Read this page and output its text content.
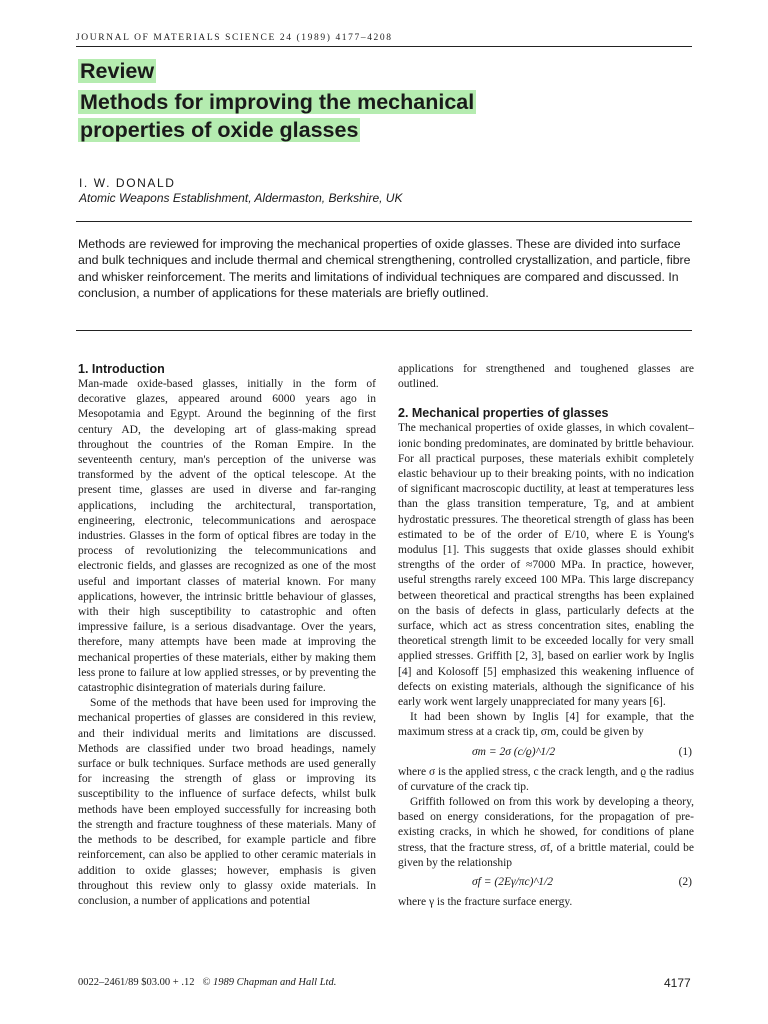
JOURNAL OF MATERIALS SCIENCE 24 (1989) 4177–4208
Review
Methods for improving the mechanical
properties of oxide glasses
I. W. DONALD
Atomic Weapons Establishment, Aldermaston, Berkshire, UK
Methods are reviewed for improving the mechanical properties of oxide glasses. These are divided into surface and bulk techniques and include thermal and chemical strengthening, controlled crystallization, and particle, fibre and whisker reinforcement. The merits and limitations of individual techniques are compared and discussed. In conclusion, a number of applications for these materials are briefly outlined.
1. Introduction

Man-made oxide-based glasses, initially in the form of decorative glazes, appeared around 6000 years ago in Mesopotamia and Egypt. Around the beginning of the first century AD, the developing art of glass-making spread throughout the countries of the Roman Empire. In the seventeenth century, man's perception of the universe was transformed by the advent of the optical telescope. At the present time, glasses are used in diverse and far-ranging applications, including the architectural, transportation, engineering, electronic, telecommunications and aerospace industries. Glasses in the form of optical fibres are today in the process of revolutionizing the telecommunications and electronic fields, and glasses are recognized as one of the most useful and important classes of material known. For many applications, however, the intrinsic brittle behaviour of glasses, with their high susceptibility to catastrophic and often impressive failure, is a serious disadvantage. Over the years, therefore, many attempts have been made at improving the mechanical properties of these materials, either by making them less prone to failure at low applied stresses, or by preventing the catastrophic disintegration of materials during failure.

Some of the methods that have been used for improving the mechanical properties of glasses are considered in this review, and their individual merits and limitations are discussed. Methods are classified under two broad headings, namely surface or bulk techniques. Surface methods are used generally for increasing the strength of glass or improving its susceptibility to the influence of surface defects, whilst bulk methods have been employed successfully for increasing both the strength and fracture toughness of these materials. Many of the methods to be described, for example particle and fibre reinforcement, can also be applied to other ceramic materials in addition to oxide glasses; however, emphasis is given throughout this review only to glassy oxide materials. In conclusion, a number of applications and potential

applications for strengthened and toughened glasses are outlined.

2. Mechanical properties of glasses

The mechanical properties of oxide glasses, in which covalent–ionic bonding predominates, are dominated by brittle behaviour. For all practical purposes, these materials exhibit completely elastic behaviour up to their breaking points, with no indication of significant macroscopic ductility, at least at temperatures less than the glass transition temperature, Tg, and at ambient hydrostatic pressures. The theoretical strength of glass has been estimated to be of the order of E/10, where E is Young's modulus [1]. This suggests that oxide glasses should exhibit strengths of the order of ≈7000 MPa. In practice, however, useful strengths rarely exceed 100 MPa. This large discrepancy between theoretical and practical strengths has been explained on the basis of defects in glass, particularly defects at the surface, which act as stress concentration sites, enabling the theoretical strength limit to be exceeded locally for very small applied stresses. Griffith [2, 3], based on earlier work by Inglis [4] and Kolosoff [5] emphasized this weakening influence of defects on existing materials, although the significance of his early work went largely unappreciated for many years [6].

It had been shown by Inglis [4] for example, that the maximum stress at a crack tip, σm, could be given by

σm = 2σ (c/ϱ)^1/2	(1)

where σ is the applied stress, c the crack length, and ϱ the radius of curvature of the crack tip.

Griffith followed on from this work by developing a theory, based on energy considerations, for the propagation of pre-existing cracks, in which he showed, for conditions of plane stress, that the fracture stress, σf, of a brittle material, could be given by the relationship

σf = (2Eγ/πc)^1/2	(2)

where γ is the fracture surface energy.

0022–2461/89 $03.00 + .12 © 1989 Chapman and Hall Ltd.	4177
